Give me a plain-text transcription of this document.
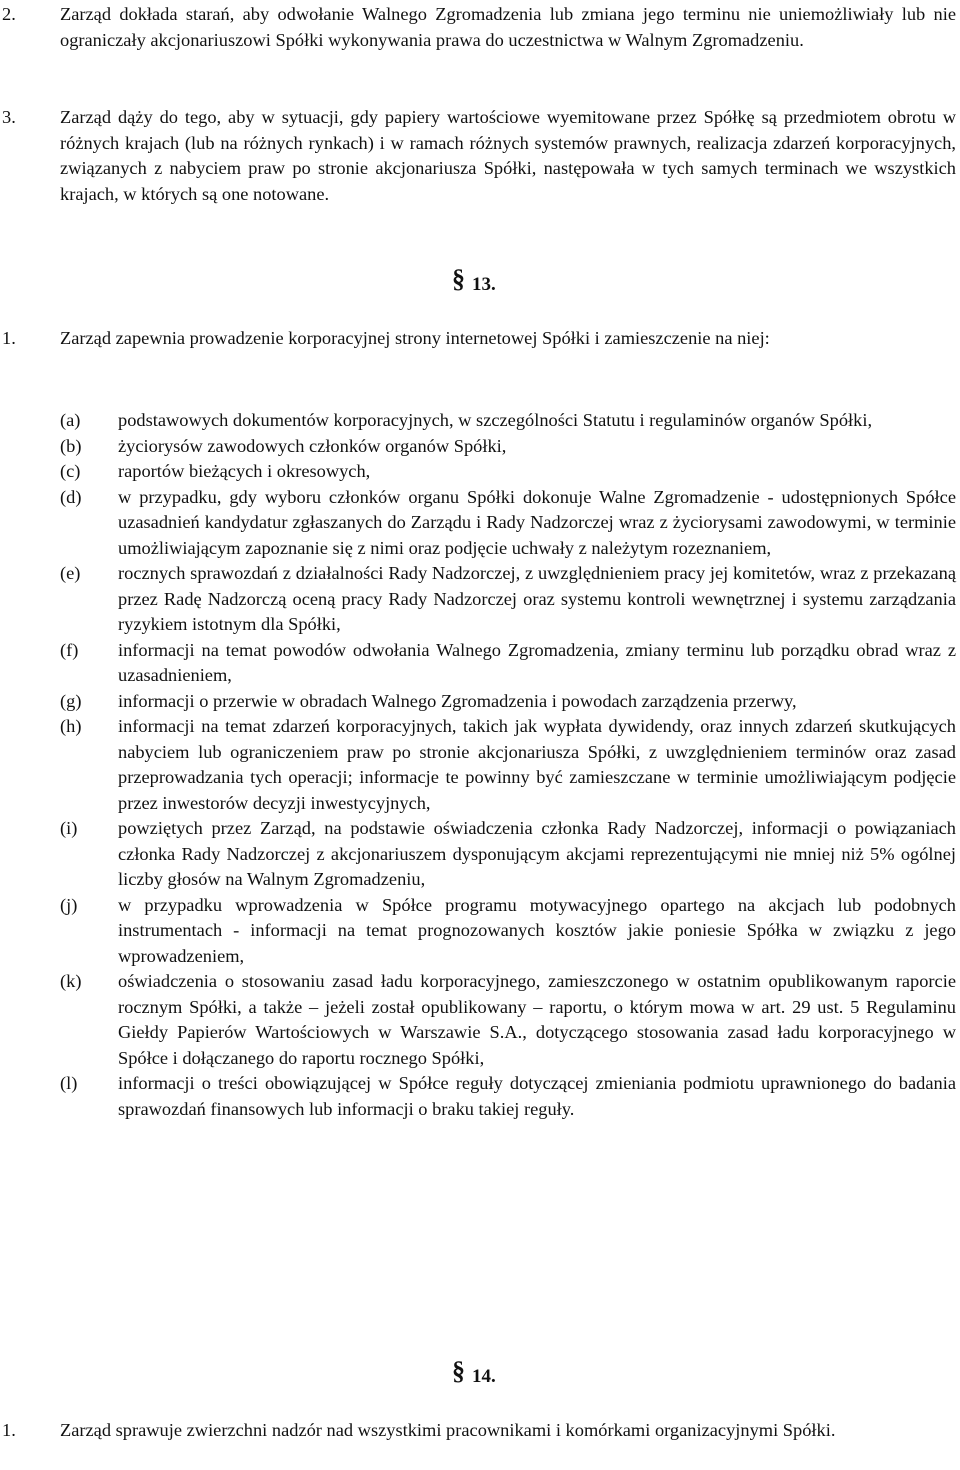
2.	Zarząd dokłada starań, aby odwołanie Walnego Zgromadzenia lub zmiana jego terminu nie uniemożliwiały lub nie ograniczały akcjonariuszowi Spółki wykonywania prawa do uczestnictwa w Walnym Zgromadzeniu.
3.	Zarząd dąży do tego, aby w sytuacji, gdy papiery wartościowe wyemitowane przez Spółkę są przedmiotem obrotu w różnych krajach (lub na różnych rynkach) i w ramach różnych systemów prawnych, realizacja zdarzeń korporacyjnych, związanych z nabyciem praw po stronie akcjonariusza Spółki, następowała w tych samych terminach we wszystkich krajach, w których są one notowane.
§ 13.
1.	Zarząd zapewnia prowadzenie korporacyjnej strony internetowej Spółki i zamieszczenie na niej:
(a)	podstawowych dokumentów korporacyjnych, w szczególności Statutu i regulaminów organów Spółki,
(b)	życiorysów zawodowych członków organów Spółki,
(c)	raportów bieżących i okresowych,
(d)	w przypadku, gdy wyboru członków organu Spółki dokonuje Walne Zgromadzenie - udostępnionych Spółce uzasadnień kandydatur zgłaszanych do Zarządu i Rady Nadzorczej wraz z życiorysami zawodowymi, w terminie umożliwiającym zapoznanie się z nimi oraz podjęcie uchwały z należytym rozeznaniem,
(e)	rocznych sprawozdań z działalności Rady Nadzorczej, z uwzględnieniem pracy jej komitetów, wraz z przekazaną przez Radę Nadzorczą oceną pracy Rady Nadzorczej oraz systemu kontroli wewnętrznej i systemu zarządzania ryzykiem istotnym dla Spółki,
(f)	informacji na temat powodów odwołania Walnego Zgromadzenia, zmiany terminu lub porządku obrad wraz z uzasadnieniem,
(g)	informacji o przerwie w obradach Walnego Zgromadzenia i powodach zarządzenia przerwy,
(h)	informacji na temat zdarzeń korporacyjnych, takich jak wypłata dywidendy, oraz innych zdarzeń skutkujących nabyciem lub ograniczeniem praw po stronie akcjonariusza Spółki, z uwzględnieniem terminów oraz zasad przeprowadzania tych operacji; informacje te powinny być zamieszczane w terminie umożliwiającym podjęcie przez inwestorów decyzji inwestycyjnych,
(i)	powziętych przez Zarząd, na podstawie oświadczenia członka Rady Nadzorczej, informacji o powiązaniach członka Rady Nadzorczej z akcjonariuszem dysponującym akcjami reprezentującymi nie mniej niż 5% ogólnej liczby głosów na Walnym Zgromadzeniu,
(j)	w przypadku wprowadzenia w Spółce programu motywacyjnego opartego na akcjach lub podobnych instrumentach - informacji na temat prognozowanych kosztów jakie poniesie Spółka w związku z jego wprowadzeniem,
(k)	oświadczenia o stosowaniu zasad ładu korporacyjnego, zamieszczonego w ostatnim opublikowanym raporcie rocznym Spółki, a także – jeżeli został opublikowany – raportu, o którym mowa w art. 29 ust. 5 Regulaminu Giełdy Papierów Wartościowych w Warszawie S.A., dotyczącego stosowania zasad ładu korporacyjnego w Spółce i dołączanego do raportu rocznego Spółki,
(l)	informacji o treści obowiązującej w Spółce reguły dotyczącej zmieniania podmiotu uprawnionego do badania sprawozdań finansowych lub informacji o braku takiej reguły.
§ 14.
1.	Zarząd sprawuje zwierzchni nadzór nad wszystkimi pracownikami i komórkami organizacyjnymi Spółki.
